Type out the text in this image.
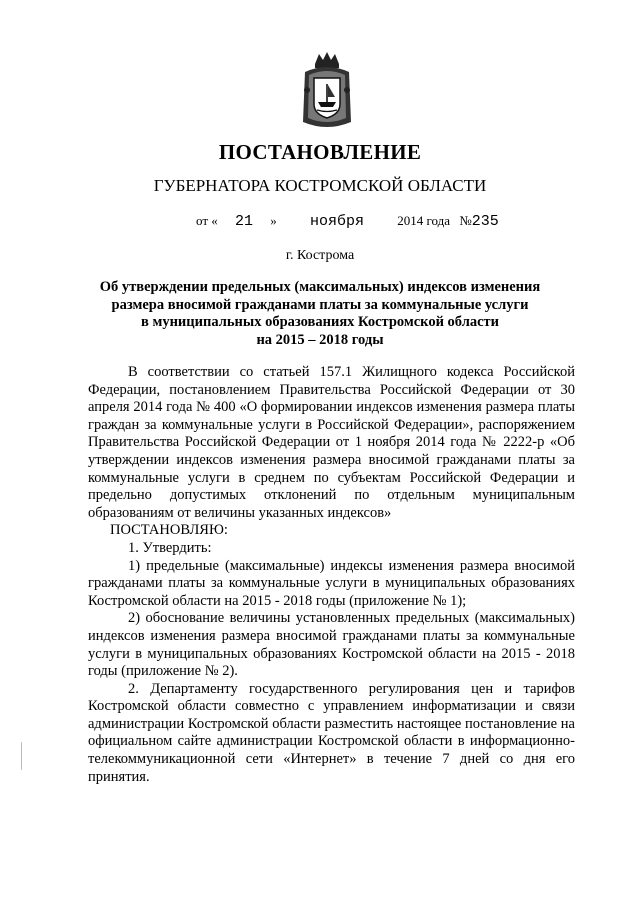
ПОСТАНОВЛЕНИЕ
ГУБЕРНАТОРА КОСТРОМСКОЙ ОБЛАСТИ
от « 21 » ноября	2014 года №235
г. Кострома
Об утверждении предельных (максимальных) индексов изменения
размера вносимой гражданами платы за коммунальные услуги
в муниципальных образованиях Костромской области
на 2015 – 2018 годы

В соответствии со статьей 157.1 Жилищного кодекса Российской Федерации, постановлением Правительства Российской Федерации от 30 апреля 2014 года № 400 «О формировании индексов изменения размера платы граждан за коммунальные услуги в Российской Федерации», распоряжением Правительства Российской Федерации от 1 ноября 2014 года № 2222-р «Об утверждении индексов изменения размера вносимой гражданами платы за коммунальные услуги в среднем по субъектам Российской Федерации и предельно допустимых отклонений по отдельным муниципальным образованиям от величины указанных индексов»

ПОСТАНОВЛЯЮ:

1. Утвердить:

1) предельные (максимальные) индексы изменения размера вносимой гражданами платы за коммунальные услуги в муниципальных образованиях Костромской области на 2015 - 2018 годы (приложение № 1);

2) обоснование величины установленных предельных (максимальных) индексов изменения размера вносимой гражданами платы за коммунальные услуги в муниципальных образованиях Костромской области на 2015 - 2018 годы (приложение № 2).

2. Департаменту государственного регулирования цен и тарифов Костромской области совместно с управлением информатизации и связи администрации Костромской области разместить настоящее постановление на официальном сайте администрации Костромской области в информационно-телекоммуникационной сети «Интернет» в течение 7 дней со дня его принятия.
